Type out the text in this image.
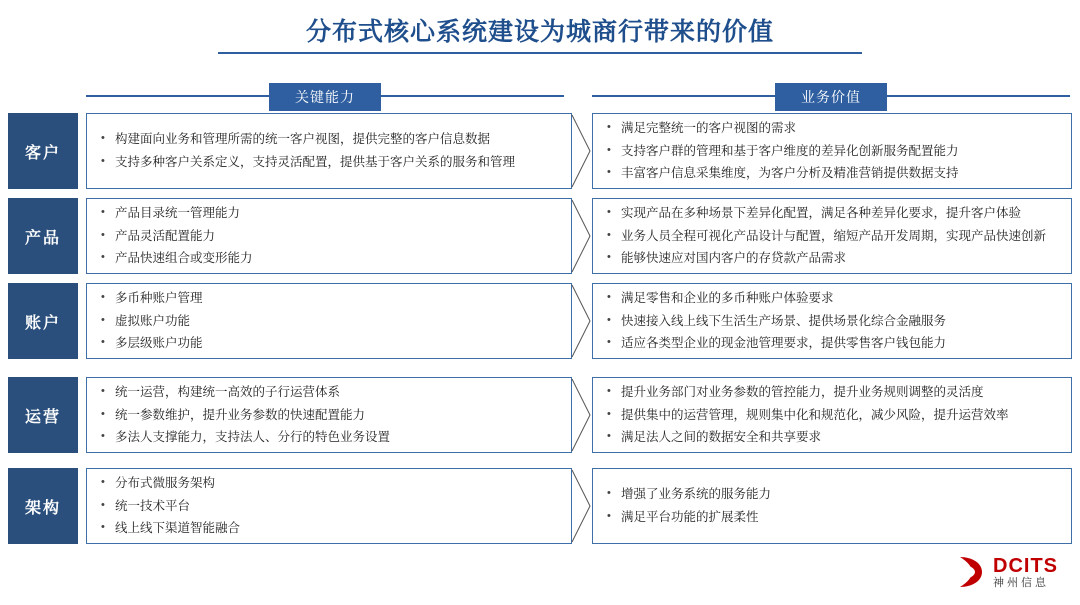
分布式核心系统建设为城商行带来的价值
关键能力	业务价值
客户
• 构建面向业务和管理所需的统一客户视图，提供完整的客户信息数据
• 支持多种客户关系定义，支持灵活配置，提供基于客户关系的服务和管理
• 满足完整统一的客户视图的需求
• 支持客户群的管理和基于客户维度的差异化创新服务配置能力
• 丰富客户信息采集维度，为客户分析及精准营销提供数据支持
产品
• 产品目录统一管理能力
• 产品灵活配置能力
• 产品快速组合或变形能力
• 实现产品在多种场景下差异化配置，满足各种差异化要求，提升客户体验
• 业务人员全程可视化产品设计与配置，缩短产品开发周期，实现产品快速创新
• 能够快速应对国内客户的存贷款产品需求
账户
• 多币种账户管理
• 虚拟账户功能
• 多层级账户功能
• 满足零售和企业的多币种账户体验要求
• 快速接入线上线下生活生产场景、提供场景化综合金融服务
• 适应各类型企业的现金池管理要求，提供零售客户钱包能力
运营
• 统一运营，构建统一高效的子行运营体系
• 统一参数维护，提升业务参数的快速配置能力
• 多法人支撑能力，支持法人、分行的特色业务设置
• 提升业务部门对业务参数的管控能力，提升业务规则调整的灵活度
• 提供集中的运营管理，规则集中化和规范化，减少风险，提升运营效率
• 满足法人之间的数据安全和共享要求
架构
• 分布式微服务架构
• 统一技术平台
• 线上线下渠道智能融合
• 增强了业务系统的服务能力
• 满足平台功能的扩展柔性
DCITS
神州信息
